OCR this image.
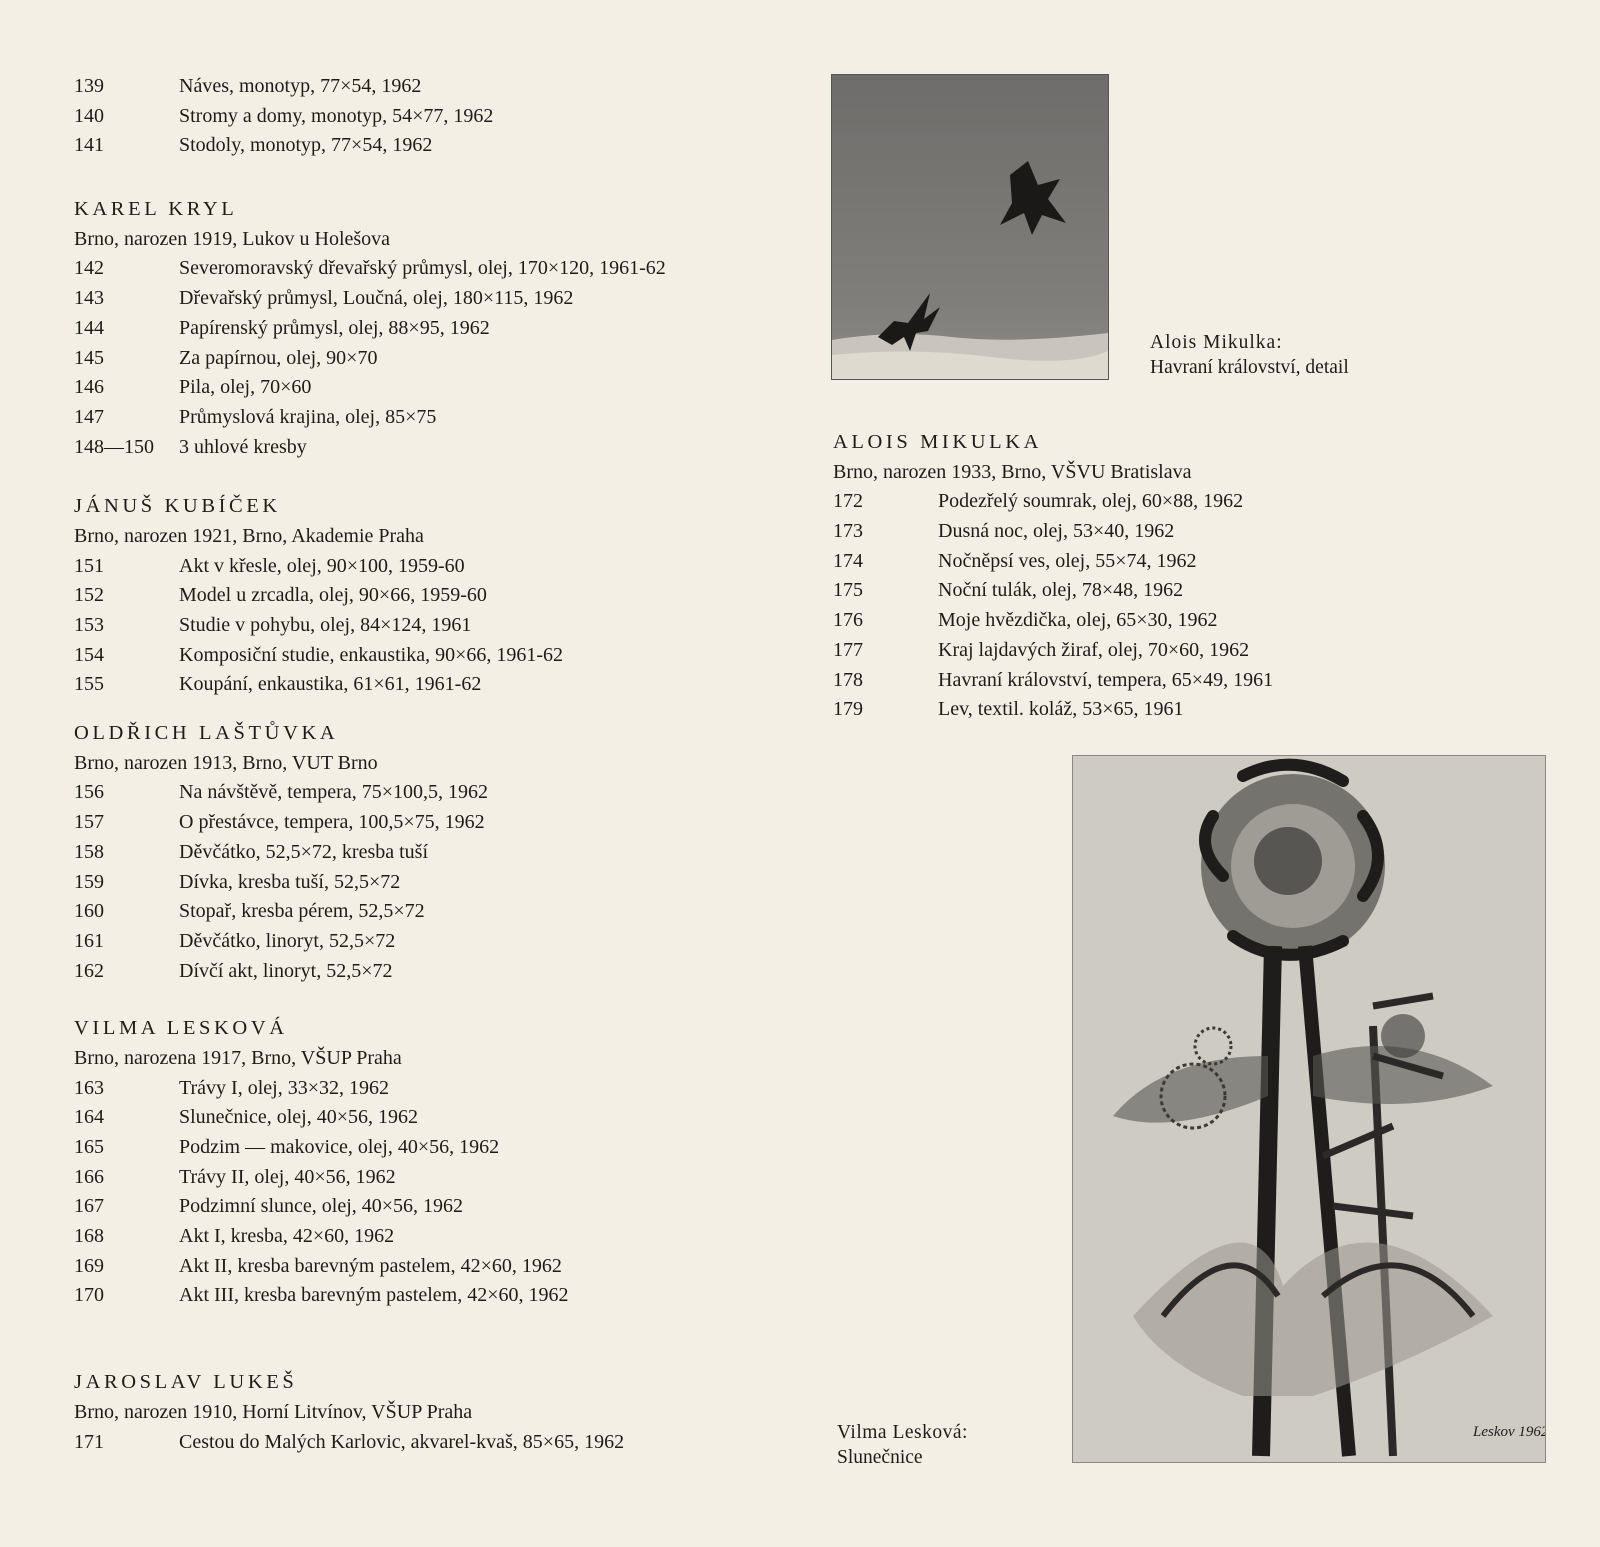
139	Náves, monotyp, 77×54, 1962
140	Stromy a domy, monotyp, 54×77, 1962
141	Stodoly, monotyp, 77×54, 1962
KAREL KRYL
Brno, narozen 1919, Lukov u Holešova
142	Severomoravský dřevařský průmysl, olej, 170×120, 1961-62
143	Dřevařský průmysl, Loučná, olej, 180×115, 1962
144	Papírenský průmysl, olej, 88×95, 1962
145	Za papírnou, olej, 90×70
146	Pila, olej, 70×60
147	Průmyslová krajina, olej, 85×75
148—150 3 uhlové kresby
JÁNUŠ KUBÍČEK
Brno, narozen 1921, Brno, Akademie Praha
151	Akt v křesle, olej, 90×100, 1959-60
152	Model u zrcadla, olej, 90×66, 1959-60
153	Studie v pohybu, olej, 84×124, 1961
154	Komposiční studie, enkaustika, 90×66, 1961-62
155	Koupání, enkaustika, 61×61, 1961-62
OLDŘICH LAŠTŮVKA
Brno, narozen 1913, Brno, VUT Brno
156	Na návštěvě, tempera, 75×100,5, 1962
157	O přestávce, tempera, 100,5×75, 1962
158	Děvčátko, 52,5×72, kresba tuší
159	Dívka, kresba tuší, 52,5×72
160	Stopař, kresba pérem, 52,5×72
161	Děvčátko, linoryt, 52,5×72
162	Dívčí akt, linoryt, 52,5×72
VILMA LESKOVÁ
Brno, narozena 1917, Brno, VŠUP Praha
163	Trávy I, olej, 33×32, 1962
164	Slunečnice, olej, 40×56, 1962
165	Podzim — makovice, olej, 40×56, 1962
166	Trávy II, olej, 40×56, 1962
167	Podzimní slunce, olej, 40×56, 1962
168	Akt I, kresba, 42×60, 1962
169	Akt II, kresba barevným pastelem, 42×60, 1962
170	Akt III, kresba barevným pastelem, 42×60, 1962
JAROSLAV LUKEŠ
Brno, narozen 1910, Horní Litvínov, VŠUP Praha
171	Cestou do Malých Karlovic, akvarel-kvaš, 85×65, 1962
Alois Mikulka:
Havraní království, detail
ALOIS MIKULKA
Brno, narozen 1933, Brno, VŠVU Bratislava
172	Podezřelý soumrak, olej, 60×88, 1962
173	Dusná noc, olej, 53×40, 1962
174	Nočněpsí ves, olej, 55×74, 1962
175	Noční tulák, olej, 78×48, 1962
176	Moje hvězdička, olej, 65×30, 1962
177	Kraj lajdavých žiraf, olej, 70×60, 1962
178	Havraní království, tempera, 65×49, 1961
179	Lev, textil. koláž, 53×65, 1961
Leskov 1962
Vilma Lesková:
Slunečnice
